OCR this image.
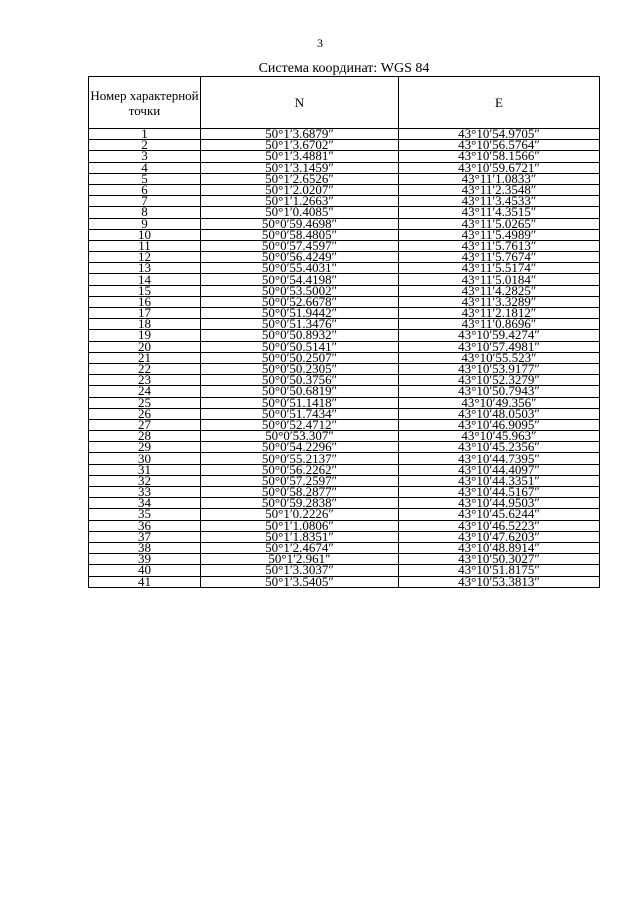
3
Система координат: WGS 84
Номер характерной точки	N	E
1	50°1′3.6879″	43°10′54.9705″
2	50°1′3.6702″	43°10′56.5764″
3	50°1′3.4881″	43°10′58.1566″
4	50°1′3.1459″	43°10′59.6721″
5	50°1′2.6526″	43°11′1.0833″
6	50°1′2.0207″	43°11′2.3548″
7	50°1′1.2663″	43°11′3.4533″
8	50°1′0.4085″	43°11′4.3515″
9	50°0′59.4698″	43°11′5.0265″
10	50°0′58.4805″	43°11′5.4989″
11	50°0′57.4597″	43°11′5.7613″
12	50°0′56.4249″	43°11′5.7674″
13	50°0′55.4031″	43°11′5.5174″
14	50°0′54.4198″	43°11′5.0184″
15	50°0′53.5002″	43°11′4.2825″
16	50°0′52.6678″	43°11′3.3289″
17	50°0′51.9442″	43°11′2.1812″
18	50°0′51.3476″	43°11′0.8696″
19	50°0′50.8932″	43°10′59.4274″
20	50°0′50.5141″	43°10′57.4981″
21	50°0′50.2507″	43°10′55.523″
22	50°0′50.2305″	43°10′53.9177″
23	50°0′50.3756″	43°10′52.3279″
24	50°0′50.6819″	43°10′50.7943″
25	50°0′51.1418″	43°10′49.356″
26	50°0′51.7434″	43°10′48.0503″
27	50°0′52.4712″	43°10′46.9095″
28	50°0′53.307″	43°10′45.963″
29	50°0′54.2296″	43°10′45.2356″
30	50°0′55.2137″	43°10′44.7395″
31	50°0′56.2262″	43°10′44.4097″
32	50°0′57.2597″	43°10′44.3351″
33	50°0′58.2877″	43°10′44.5167″
34	50°0′59.2838″	43°10′44.9503″
35	50°1′0.2226″	43°10′45.6244″
36	50°1′1.0806″	43°10′46.5223″
37	50°1′1.8351″	43°10′47.6203″
38	50°1′2.4674″	43°10′48.8914″
39	50°1′2.961″	43°10′50.3027″
40	50°1′3.3037″	43°10′51.8175″
41	50°1′3.5405″	43°10′53.3813″
